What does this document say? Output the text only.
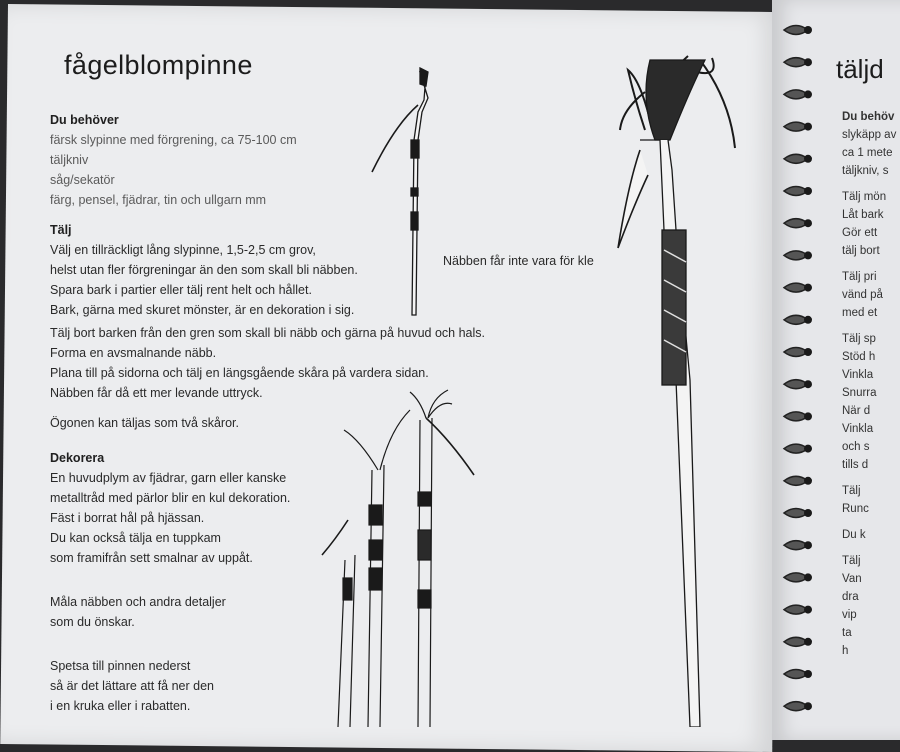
fågelblompinne
Du behöver
färsk slypinne med förgrening, ca 75-100 cm
täljkniv
såg/sekatör
färg, pensel, fjädrar, tin och ullgarn mm
Tälj
Välj en tillräckligt lång slypinne, 1,5-2,5 cm grov,
helst utan fler förgreningar än den som skall bli näbben.
Spara bark i partier eller tälj rent helt och hållet.
Bark, gärna med skuret mönster, är en dekoration i sig.
Tälj bort barken från den gren som skall bli näbb och gärna på huvud och hals.
Forma en avsmalnande näbb.
Plana till på sidorna och tälj en längsgående skåra på vardera sidan.
Näbben får då ett mer levande uttryck.
Ögonen kan täljas som två skåror.
Dekorera
En huvudplym av fjädrar, garn eller kanske
metalltråd med pärlor blir en kul dekoration.
Fäst i borrat hål på hjässan.
Du kan också tälja en tuppkam
som framifrån sett smalnar av uppåt.
Måla näbben och andra detaljer
som du önskar.
Spetsa till pinnen nederst
så är det lättare att få ner den
i en kruka eller i rabatten.
Näbben får inte vara för kle
täljd
Du behöv
slykäpp av
ca 1 mete
täljkniv, s

Tälj mön
Låt bark
Gör ett
tälj bort

Tälj pri
vänd på
med et

Tälj sp
Stöd h
Vinkla
Snurra
När d
Vinkla
och s
tills d

Tälj
Runc

Du k

Tälj
Van
dra
vip
ta
h
